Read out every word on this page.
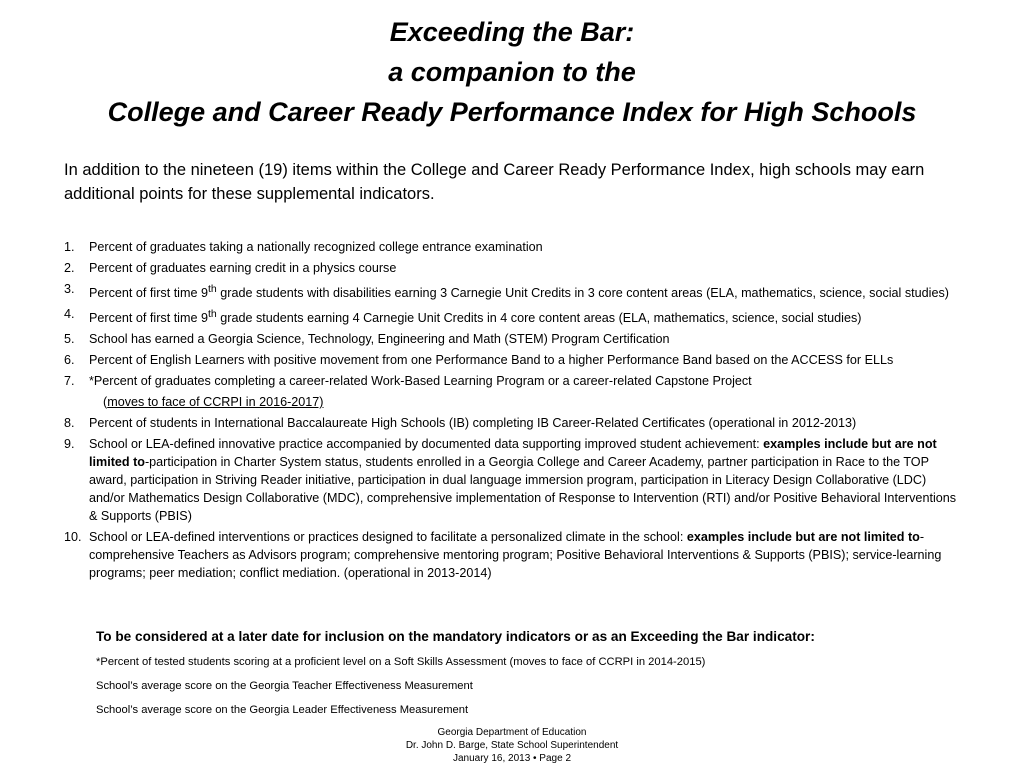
Exceeding the Bar:
a companion to the
College and Career Ready Performance Index for High Schools
In addition to the nineteen (19) items within the College and Career Ready Performance Index, high schools may earn additional points for these supplemental indicators.
1. Percent of graduates taking a nationally recognized college entrance examination
2. Percent of graduates earning credit in a physics course
3. Percent of first time 9th grade students with disabilities earning 3 Carnegie Unit Credits in 3 core content areas (ELA, mathematics, science, social studies)
4. Percent of first time 9th grade students earning 4 Carnegie Unit Credits in 4 core content areas (ELA, mathematics, science, social studies)
5. School has earned a Georgia Science, Technology, Engineering and Math (STEM) Program Certification
6. Percent of English Learners with positive movement from one Performance Band to a higher Performance Band based on the ACCESS for ELLs
7. *Percent of graduates completing a career-related Work-Based Learning Program or a career-related Capstone Project
(moves to face of CCRPI in 2016-2017)
8. Percent of students in International Baccalaureate High Schools (IB) completing IB Career-Related Certificates (operational in 2012-2013)
9. School or LEA-defined innovative practice accompanied by documented data supporting improved student achievement: examples include but are not limited to-participation in Charter System status, students enrolled in a Georgia College and Career Academy, partner participation in Race to the TOP award, participation in Striving Reader initiative, participation in dual language immersion program, participation in Literacy Design Collaborative (LDC) and/or Mathematics Design Collaborative (MDC), comprehensive implementation of Response to Intervention (RTI) and/or Positive Behavioral Interventions & Supports (PBIS)
10. School or LEA-defined interventions or practices designed to facilitate a personalized climate in the school: examples include but are not limited to-comprehensive Teachers as Advisors program; comprehensive mentoring program; Positive Behavioral Interventions & Supports (PBIS); service-learning programs; peer mediation; conflict mediation. (operational in 2013-2014)
To be considered at a later date for inclusion on the mandatory indicators or as an Exceeding the Bar indicator:
*Percent of tested students scoring at a proficient level on a Soft Skills Assessment (moves to face of CCRPI in 2014-2015)
School’s average score on the Georgia Teacher Effectiveness Measurement
School’s average score on the Georgia Leader Effectiveness Measurement
Georgia Department of Education
Dr. John D. Barge, State School Superintendent
January 16, 2013 • Page 2
